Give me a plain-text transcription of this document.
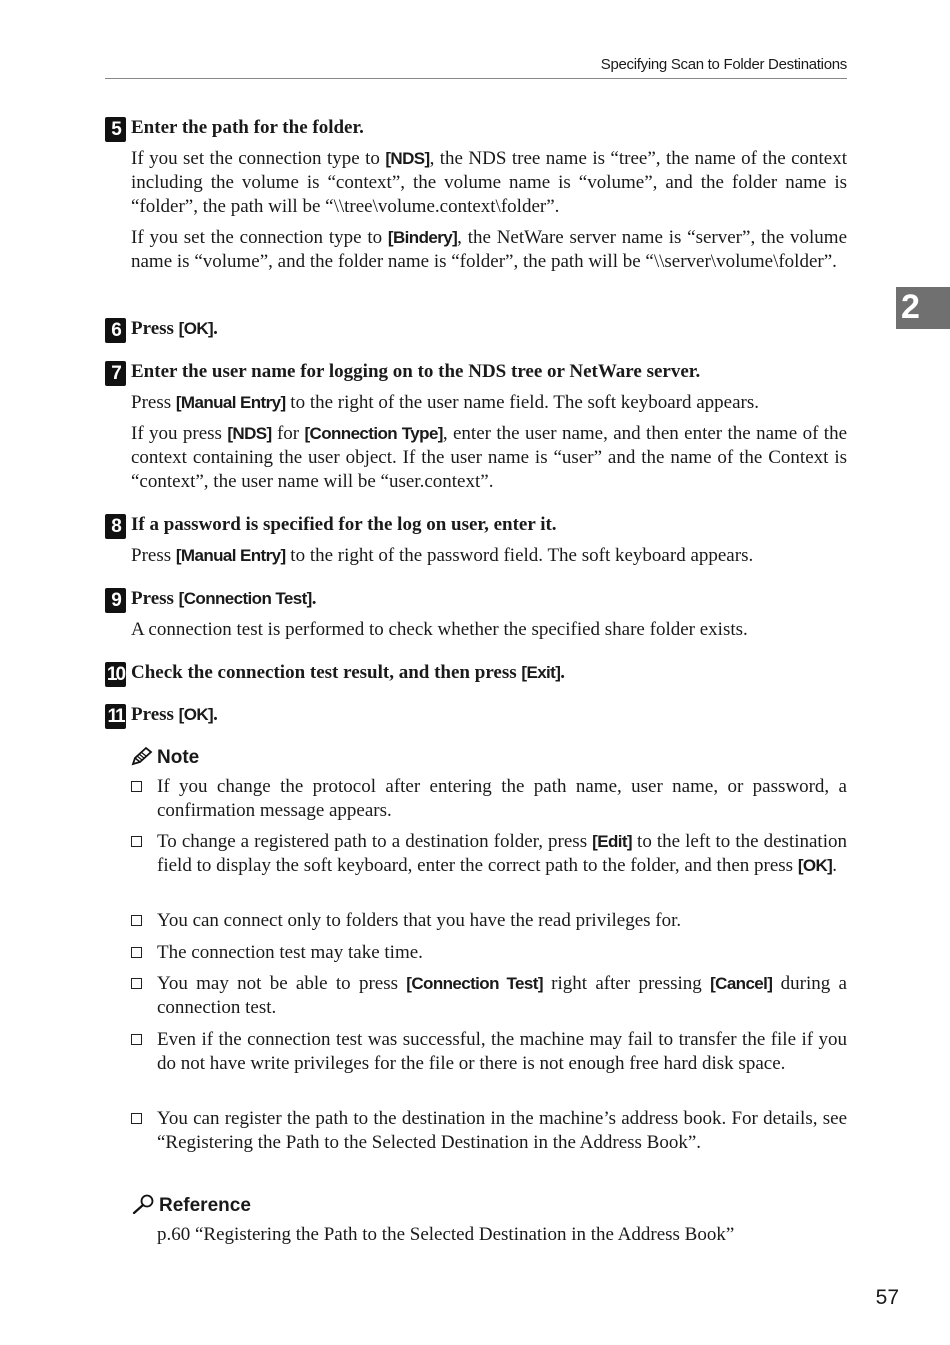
Specifying Scan to Folder Destinations
2
5 Enter the path for the folder.
If you set the connection type to [NDS], the NDS tree name is “tree”, the name of the context including the volume is “context”, the volume name is “volume”, and the folder name is “folder”, the path will be “\\tree\volume.context\folder”.
If you set the connection type to [Bindery], the NetWare server name is “server”, the volume name is “volume”, and the folder name is “folder”, the path will be “\\server\volume\folder”.
6 Press [OK].
7 Enter the user name for logging on to the NDS tree or NetWare server.
Press [Manual Entry] to the right of the user name field. The soft keyboard appears.
If you press [NDS] for [Connection Type], enter the user name, and then enter the name of the context containing the user object. If the user name is “user” and the name of the Context is “context”, the user name will be “user.context”.
8 If a password is specified for the log on user, enter it.
Press [Manual Entry] to the right of the password field. The soft keyboard appears.
9 Press [Connection Test].
A connection test is performed to check whether the specified share folder exists.
10 Check the connection test result, and then press [Exit].
11 Press [OK].
Note
If you change the protocol after entering the path name, user name, or password, a confirmation message appears.
To change a registered path to a destination folder, press [Edit] to the left to the destination field to display the soft keyboard, enter the correct path to the folder, and then press [OK].
You can connect only to folders that you have the read privileges for.
The connection test may take time.
You may not be able to press [Connection Test] right after pressing [Cancel] during a connection test.
Even if the connection test was successful, the machine may fail to transfer the file if you do not have write privileges for the file or there is not enough free hard disk space.
You can register the path to the destination in the machine’s address book. For details, see “Registering the Path to the Selected Destination in the Address Book”.
Reference
p.60 “Registering the Path to the Selected Destination in the Address Book”
57
